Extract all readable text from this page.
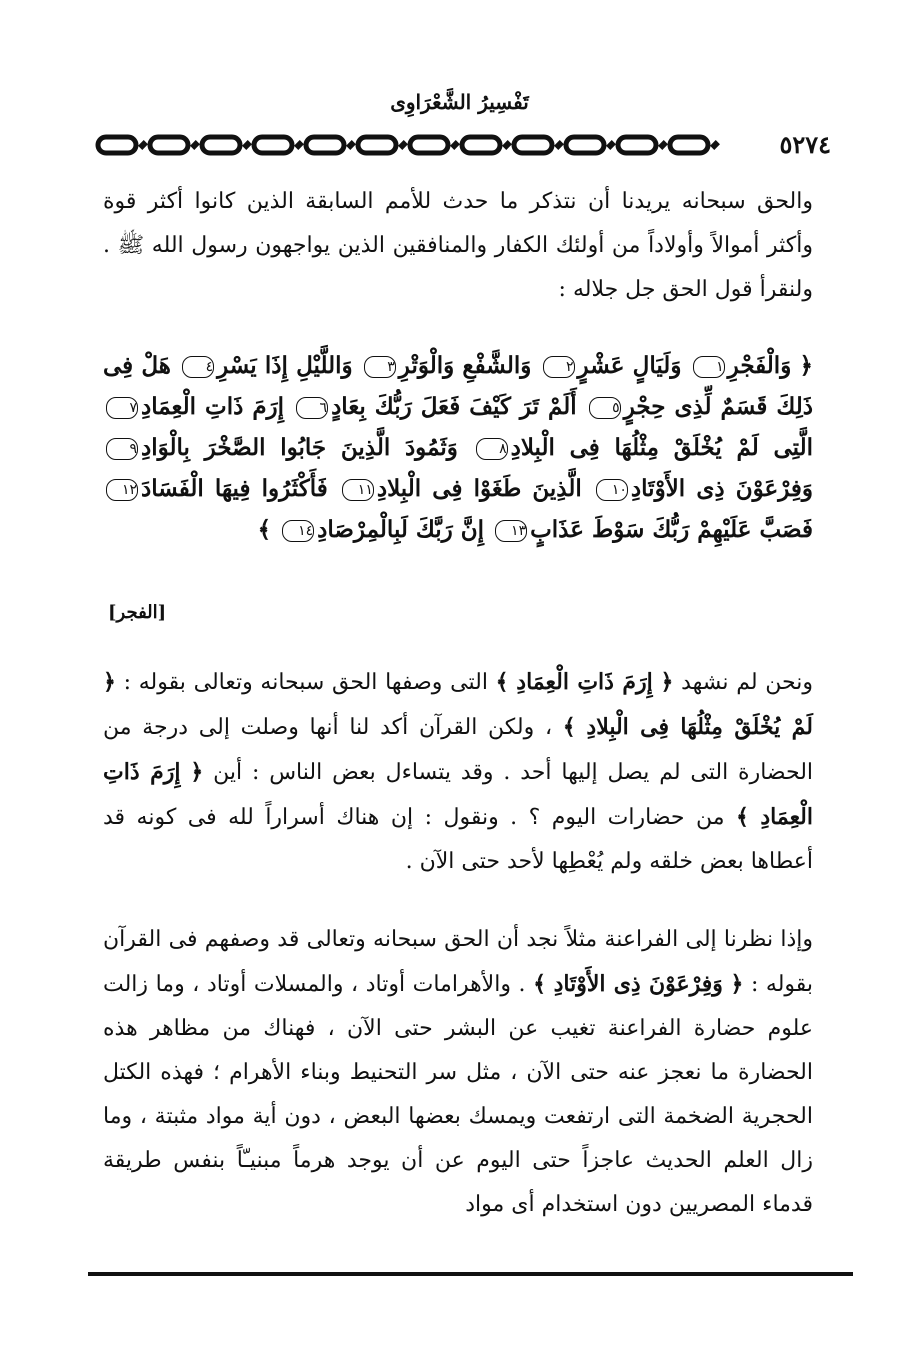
تَفْسِيرُ الشَّعْرَاوِى
٥٢٧٤
والحق سبحانه يريدنا أن نتذكر ما حدث للأمم السابقة الذين كانوا أكثر قوة وأكثر أموالاً وأولاداً من أولئك الكفار والمنافقين الذين يواجهون رسول الله ﷺ . ولنقرأ قول الحق جل جلاله :
﴿ وَالْفَجْرِ١ وَلَيَالٍ عَشْرٍ٢ وَالشَّفْعِ وَالْوَتْرِ٣ وَاللَّيْلِ إِذَا يَسْرِ٤ هَلْ فِى ذَلِكَ قَسَمٌ لِّذِى حِجْرٍ٥ أَلَمْ تَرَ كَيْفَ فَعَلَ رَبُّكَ بِعَادٍ٦ إِرَمَ ذَاتِ الْعِمَادِ٧ الَّتِى لَمْ يُخْلَقْ مِثْلُهَا فِى الْبِلادِ٨ وَثَمُودَ الَّذِينَ جَابُوا الصَّخْرَ بِالْوَادِ٩ وَفِرْعَوْنَ ذِى الأَوْتَادِ١٠ الَّذِينَ طَغَوْا فِى الْبِلادِ١١ فَأَكْثَرُوا فِيهَا الْفَسَادَ١٢ فَصَبَّ عَلَيْهِمْ رَبُّكَ سَوْطَ عَذَابٍ١٣ إِنَّ رَبَّكَ لَبِالْمِرْصَادِ١٤ ﴾
[الفجر]
ونحن لم نشهد ﴿ إِرَمَ ذَاتِ الْعِمَادِ ﴾ التى وصفها الحق سبحانه وتعالى بقوله : ﴿ لَمْ يُخْلَقْ مِثْلُهَا فِى الْبِلادِ ﴾ ، ولكن القرآن أكد لنا أنها وصلت إلى درجة من الحضارة التى لم يصل إليها أحد . وقد يتساءل بعض الناس : أين ﴿ إِرَمَ ذَاتِ الْعِمَادِ ﴾ من حضارات اليوم ؟ . ونقول : إن هناك أسراراً لله فى كونه قد أعطاها بعض خلقه ولم يُعْطِها لأحد حتى الآن .
وإذا نظرنا إلى الفراعنة مثلاً نجد أن الحق سبحانه وتعالى قد وصفهم فى القرآن بقوله : ﴿ وَفِرْعَوْنَ ذِى الأَوْتَادِ ﴾ . والأهرامات أوتاد ، والمسلات أوتاد ، وما زالت علوم حضارة الفراعنة تغيب عن البشر حتى الآن ، فهناك من مظاهر هذه الحضارة ما نعجز عنه حتى الآن ، مثل سر التحنيط وبناء الأهرام ؛ فهذه الكتل الحجرية الضخمة التى ارتفعت ويمسك بعضها البعض ، دون أية مواد مثبتة ، وما زال العلم الحديث عاجزاً حتى اليوم عن أن يوجد هرماً مبنيـّاً بنفس طريقة قدماء المصريين دون استخدام أى مواد
